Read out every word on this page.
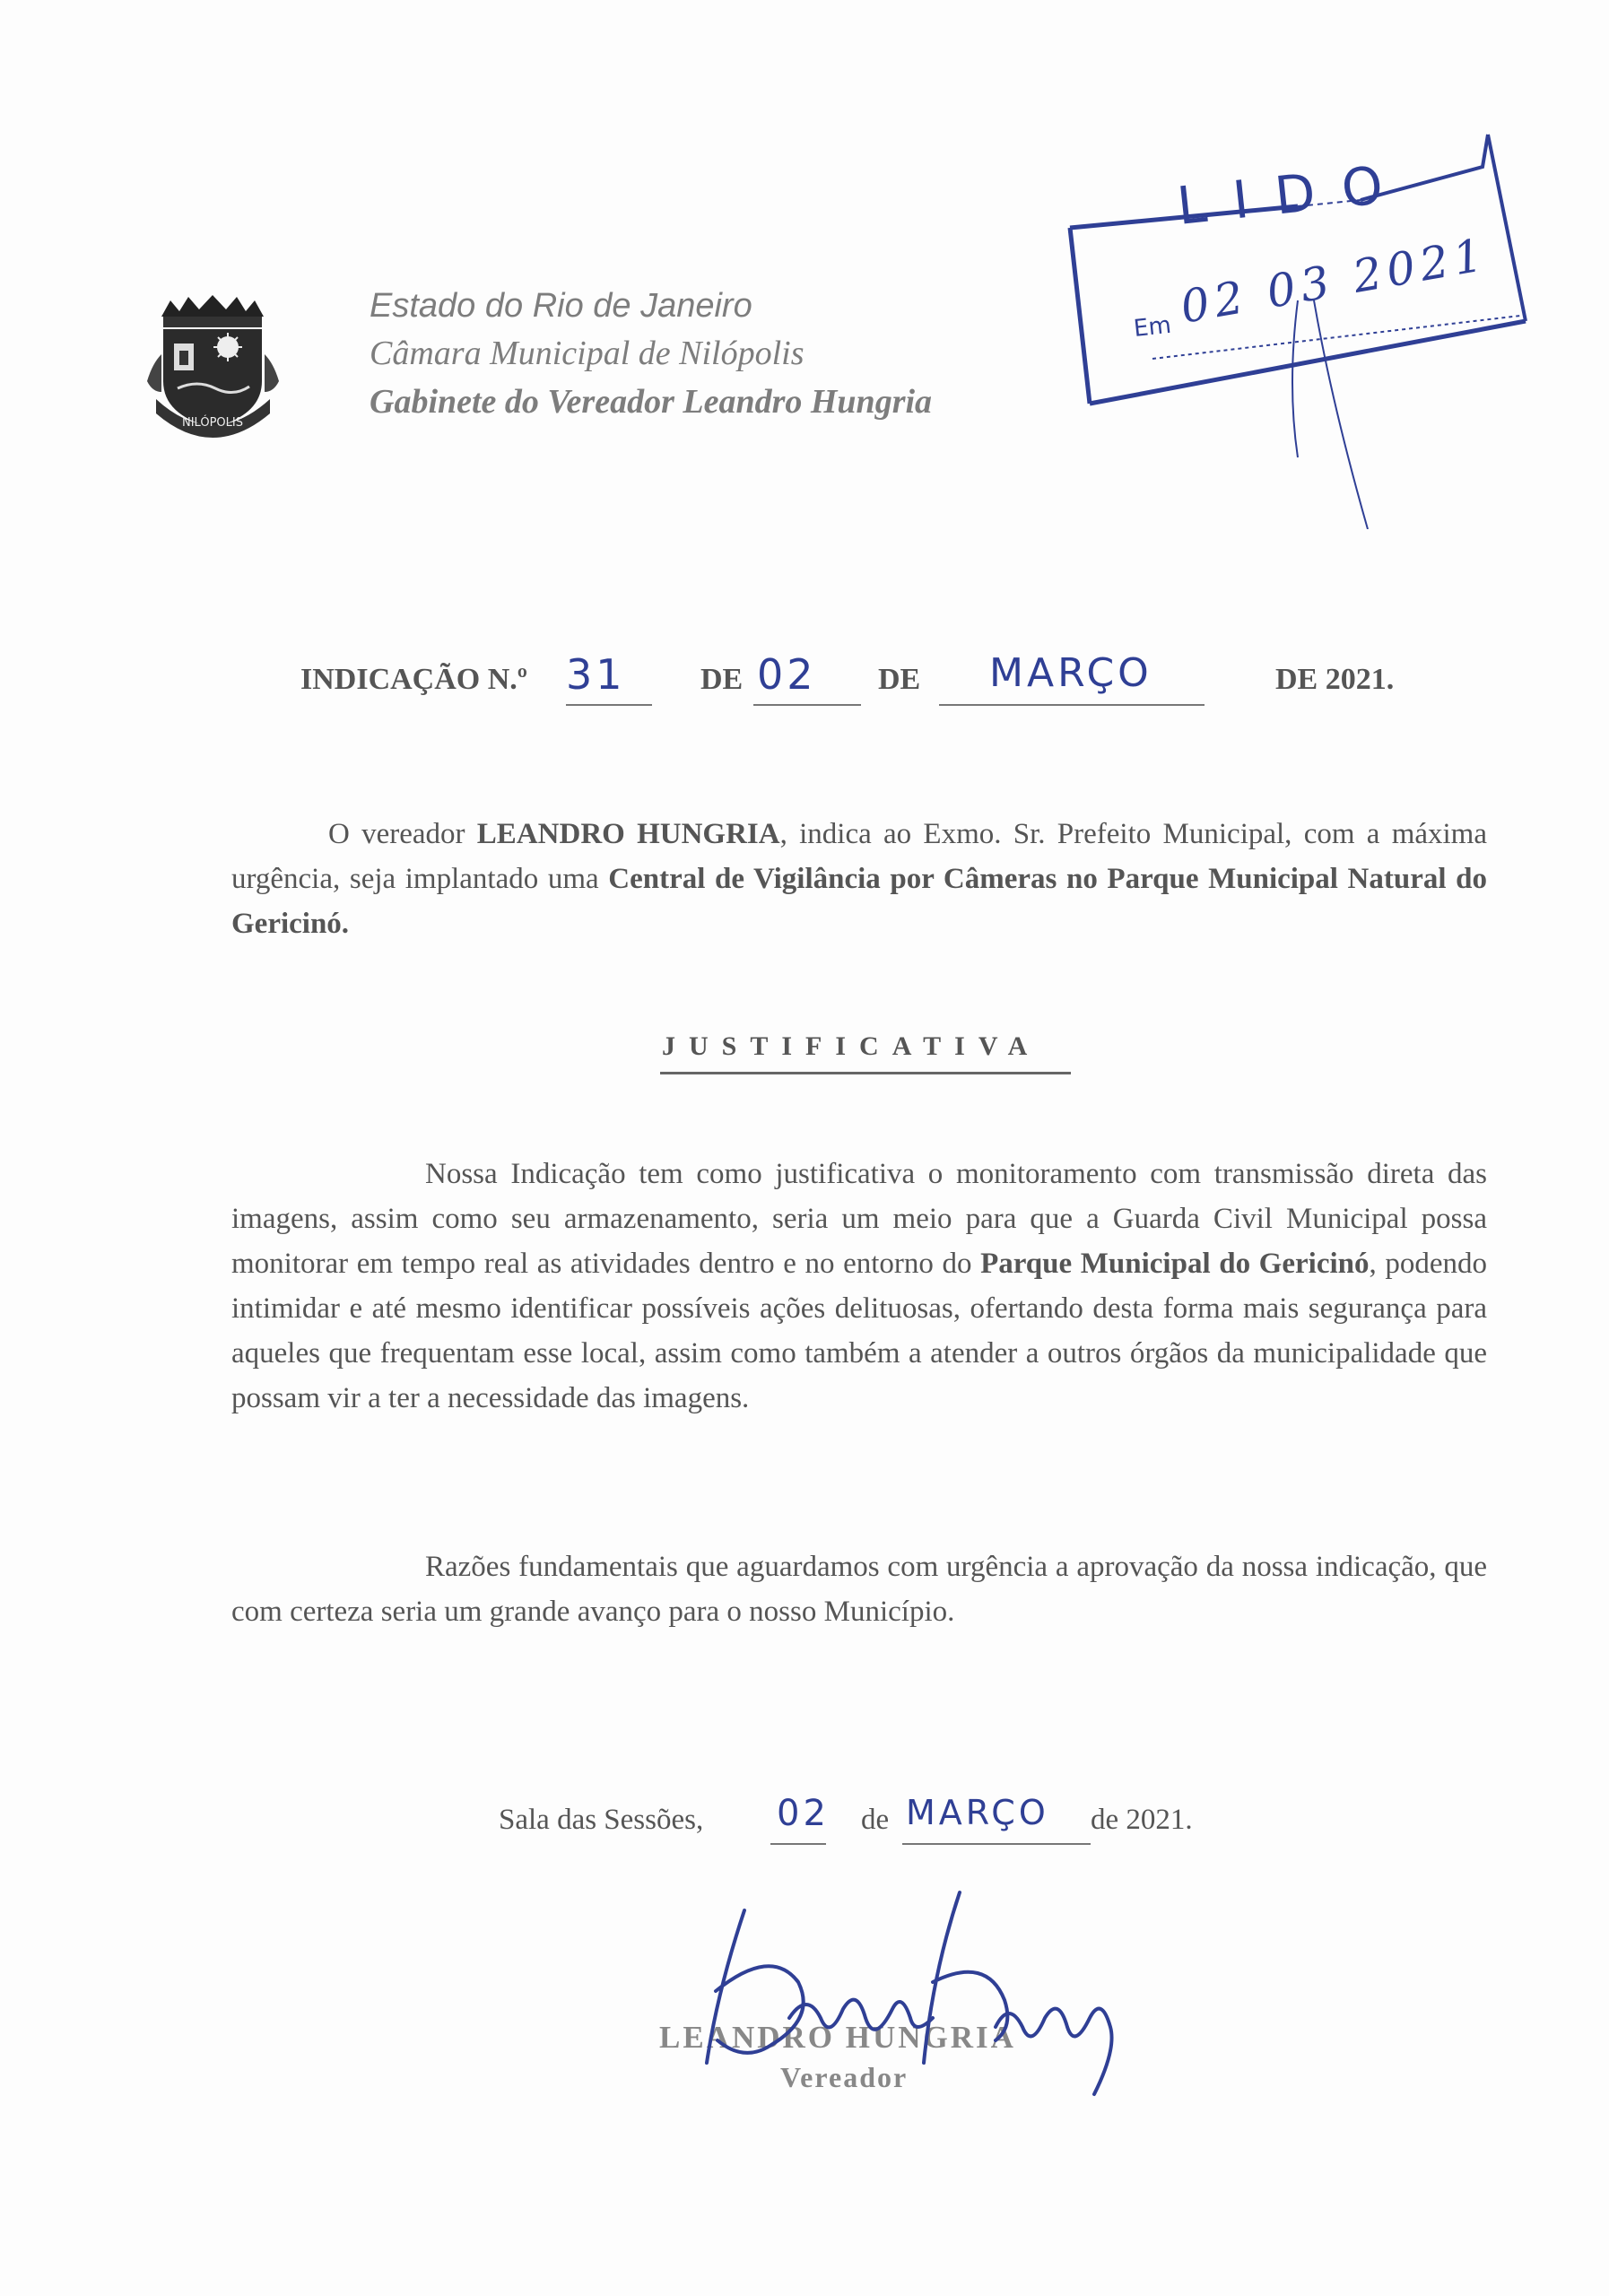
NILÓPOLIS
Estado do Rio de Janeiro
Câmara Municipal de Nilópolis
Gabinete do Vereador Leandro Hungria
LIDO
Em 02 03 2021
INDICAÇÃO N.º 31 DE 02 DE MARÇO	DE 2021.
O vereador LEANDRO HUNGRIA, indica ao Exmo. Sr. Prefeito Municipal, com a máxima urgência, seja implantado uma Central de Vigilância por Câmeras no Parque Municipal Natural do Gericinó.
JUSTIFICATIVA
Nossa Indicação tem como justificativa o monitoramento com transmissão direta das imagens, assim como seu armazenamento, seria um meio para que a Guarda Civil Municipal possa monitorar em tempo real as atividades dentro e no entorno do Parque Municipal do Gericinó, podendo intimidar e até mesmo identificar possíveis ações delituosas, ofertando desta forma mais segurança para aqueles que frequentam esse local, assim como também a atender a outros órgãos da municipalidade que possam vir a ter a necessidade das imagens.
Razões fundamentais que aguardamos com urgência a aprovação da nossa indicação, que com certeza seria um grande avanço para o nosso Município.
Sala das Sessões, 02 de MARÇO de 2021.
LEANDRO HUNGRIA
Vereador
